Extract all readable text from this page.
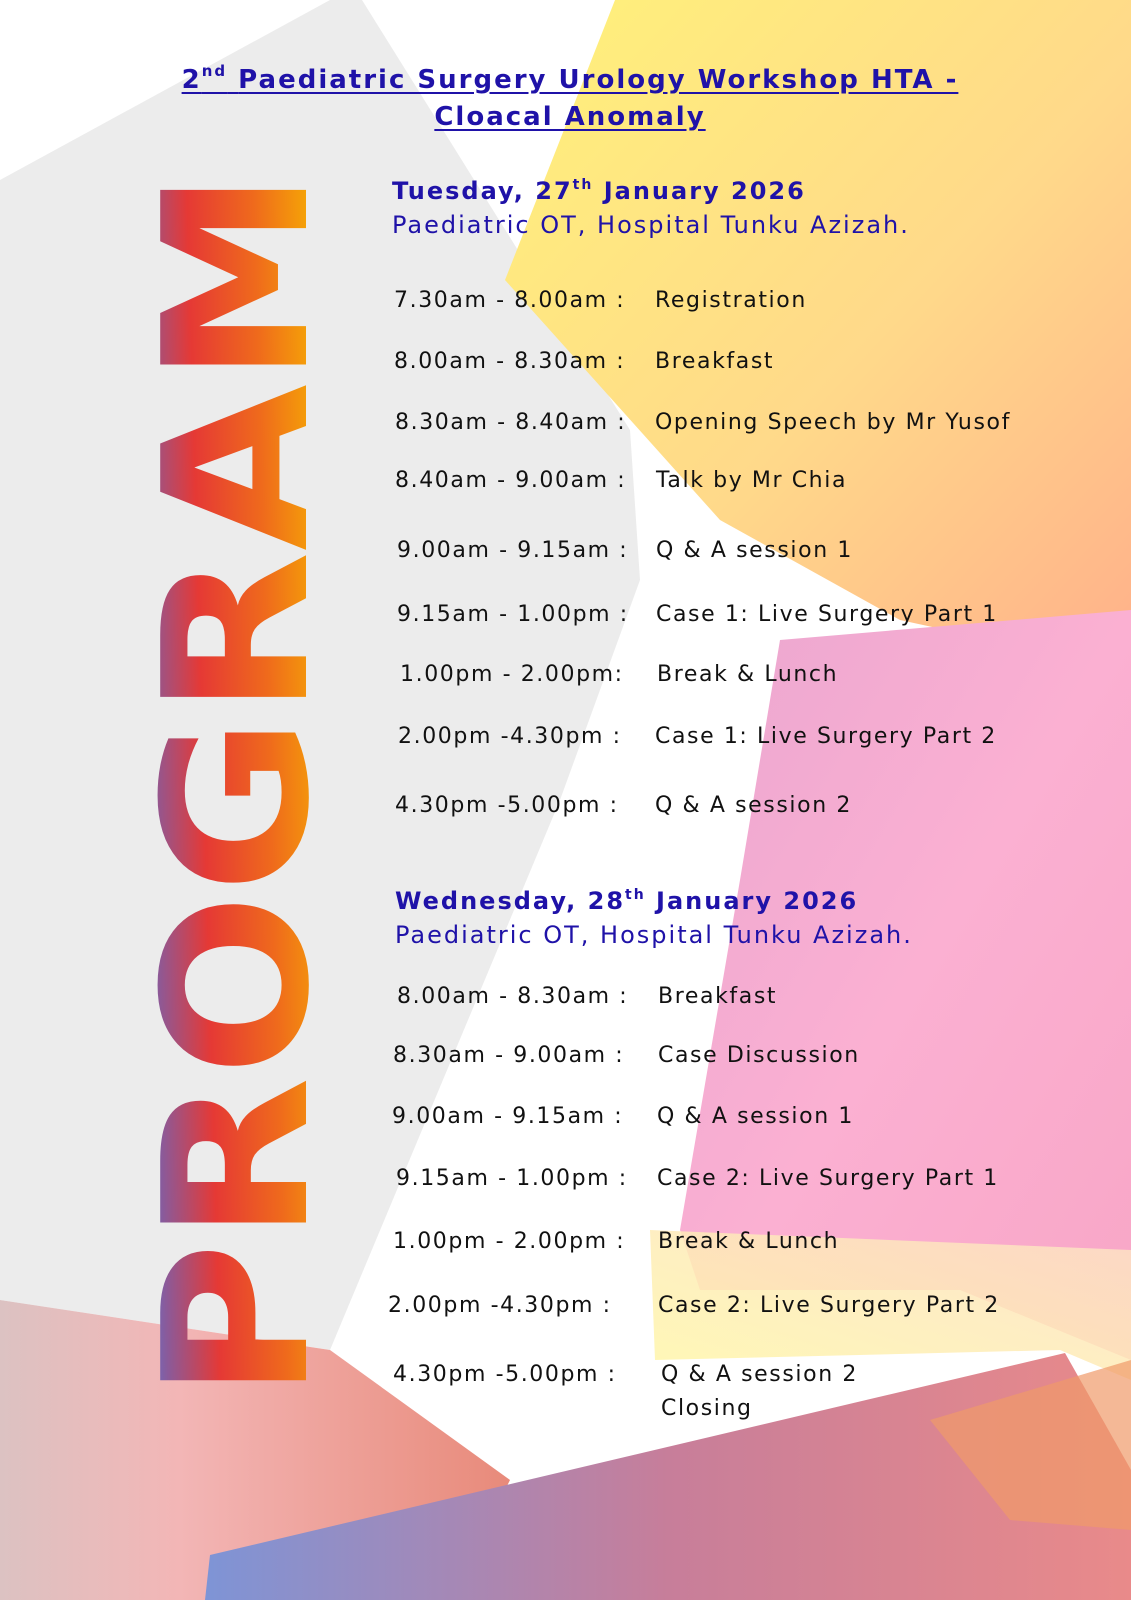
PROGRAM
2nd Paediatric Surgery Urology Workshop HTA -
Cloacal Anomaly
Tuesday, 27th January 2026
Paediatric OT, Hospital Tunku Azizah.
7.30am - 8.00am : Registration
8.00am - 8.30am : Breakfast
8.30am - 8.40am : Opening Speech by Mr Yusof
8.40am - 9.00am : Talk by Mr Chia
9.00am - 9.15am : Q & A session 1
9.15am - 1.00pm : Case 1: Live Surgery Part 1
1.00pm - 2.00pm: Break & Lunch
2.00pm -4.30pm : Case 1: Live Surgery Part 2
4.30pm -5.00pm : Q & A session 2
Wednesday, 28th January 2026
Paediatric OT, Hospital Tunku Azizah.
8.00am - 8.30am : Breakfast
8.30am - 9.00am : Case Discussion
9.00am - 9.15am : Q & A session 1
9.15am - 1.00pm : Case 2: Live Surgery Part 1
1.00pm - 2.00pm : Break & Lunch
2.00pm -4.30pm : Case 2: Live Surgery Part 2
4.30pm -5.00pm : Q & A session 2
Closing
